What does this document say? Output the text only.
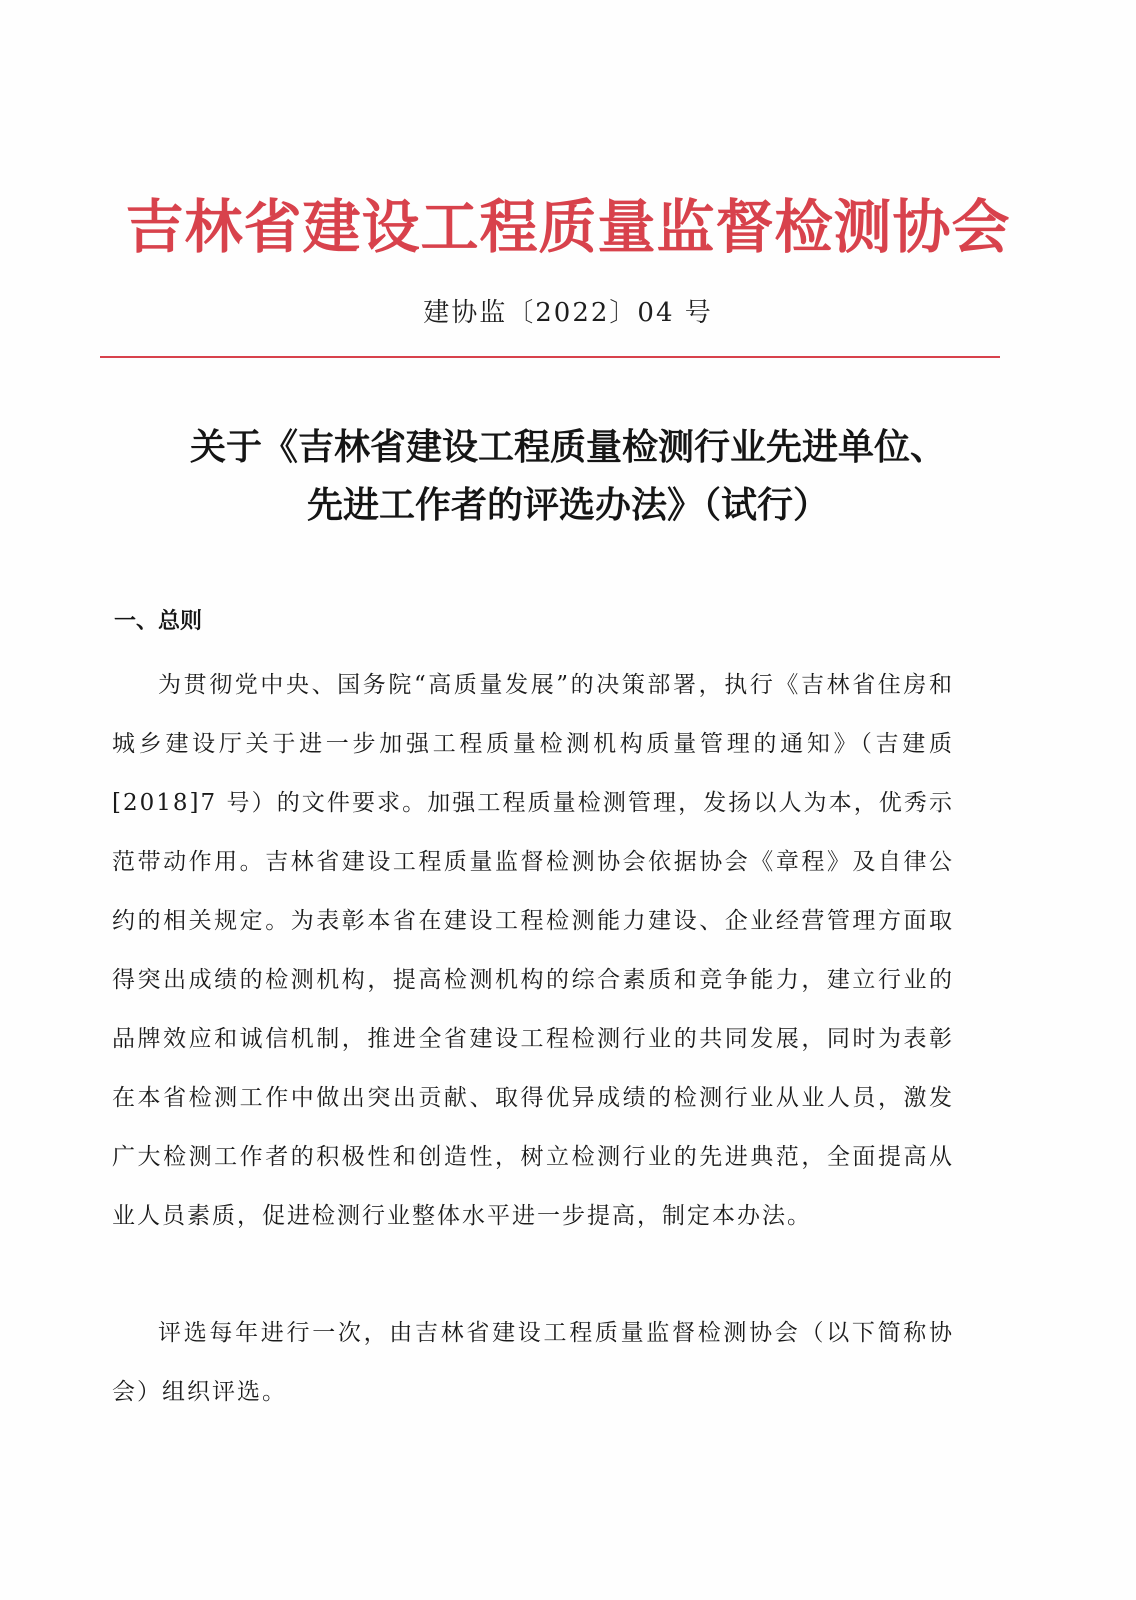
吉林省建设工程质量监督检测协会
建协监〔2022〕04 号
关于《吉林省建设工程质量检测行业先进单位、
先进工作者的评选办法》（试行）
一、总则

为贯彻党中央、国务院“高质量发展”的决策部署，执行《吉林省住房和城乡建设厅关于进一步加强工程质量检测机构质量管理的通知》（吉建质[2018]7 号）的文件要求。加强工程质量检测管理，发扬以人为本，优秀示范带动作用。吉林省建设工程质量监督检测协会依据协会《章程》及自律公约的相关规定。为表彰本省在建设工程检测能力建设、企业经营管理方面取得突出成绩的检测机构，提高检测机构的综合素质和竞争能力，建立行业的品牌效应和诚信机制，推进全省建设工程检测行业的共同发展，同时为表彰在本省检测工作中做出突出贡献、取得优异成绩的检测行业从业人员，激发广大检测工作者的积极性和创造性，树立检测行业的先进典范，全面提高从业人员素质，促进检测行业整体水平进一步提高，制定本办法。

评选每年进行一次，由吉林省建设工程质量监督检测协会（以下简称协会）组织评选。
